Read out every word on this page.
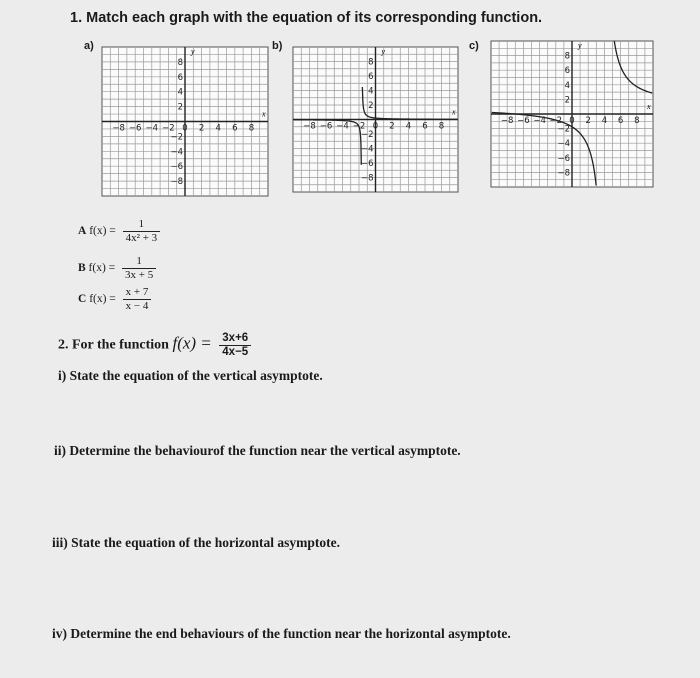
1. Match each graph with the equation of its corresponding function.
a)	b)	c)
x
y
−8 −6 −4 −2 0 2 4 6 8
8
6
4
2
−2
−4
−6
−8
x
y
−8 −6 −4 −2 0 2 4 6 8
8
6
4
2
−2
−4
−6
−8
x
y
−8 −6 −4 −2 0 2 4 6 8
8
6
4
2
−2
−4
−6
−8
A $f(x) = \frac{1}{\text{4x² + 3}}$
B $f(x) = \frac{1}{3x + 5}$
C $f(x) = \frac{x + 7}{x - 4}$
2. For the function $f(x) = \frac{3x+6}{4x-5}$
i) State the equation of the vertical asymptote.
ii) Determine the behaviourof the function near the vertical asymptote.
iii) State the equation of the horizontal asymptote.
iv) Determine the end behaviours of the function near the horizontal asymptote.
